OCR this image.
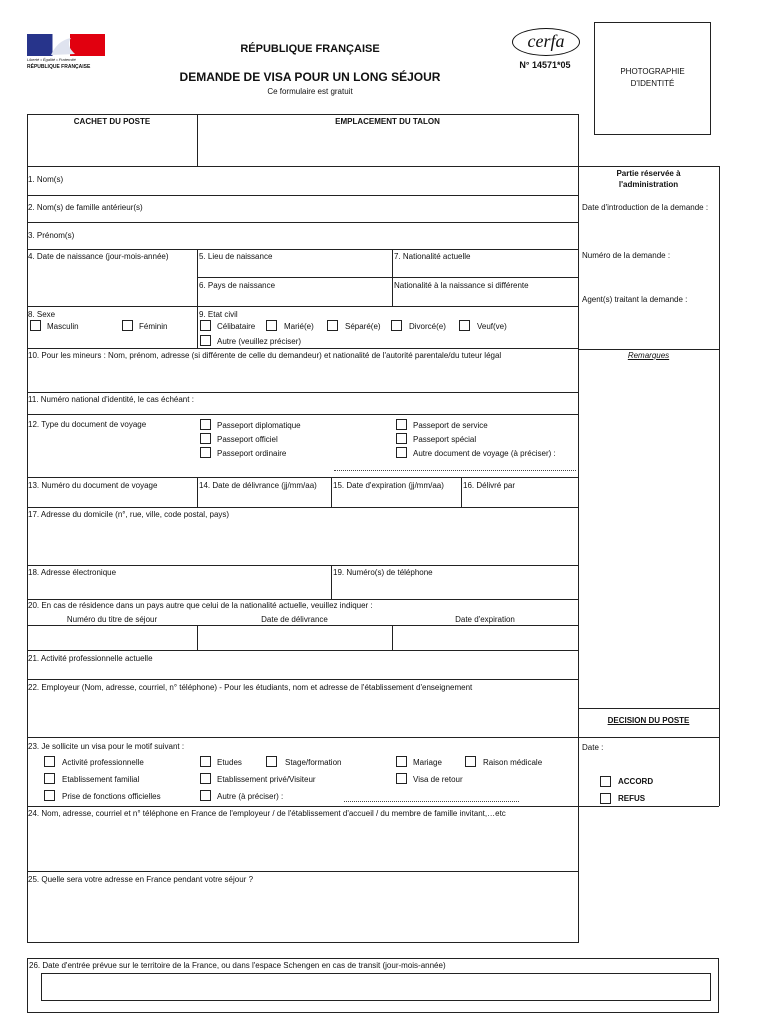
Liberté • Égalité • Fraternité
RÉPUBLIQUE FRANÇAISE
RÉPUBLIQUE FRANÇAISE
DEMANDE DE VISA POUR UN LONG SÉJOUR
Ce formulaire est gratuit
cerfa
N° 14571*05
PHOTOGRAPHIE
D'IDENTITÉ
CACHET DU POSTE	EMPLACEMENT DU TALON
Partie réservée à
l'administration
Date d'introduction de la demande :
Numéro de la demande :
Agent(s) traitant la demande :
Remarques
DECISION DU POSTE
Date :
ACCORD
REFUS
1. Nom(s)
2. Nom(s) de famille antérieur(s)
3. Prénom(s)
4. Date de naissance (jour-mois-année)	5. Lieu de naissance	7. Nationalité actuelle
6. Pays de naissance	Nationalité à la naissance si différente
8. Sexe
Masculin	Féminin
9. Etat civil
Célibataire	Marié(e)	Séparé(e)	Divorcé(e)	Veuf(ve)
Autre (veuillez préciser)
10. Pour les mineurs : Nom, prénom, adresse (si différente de celle du demandeur) et nationalité de l'autorité parentale/du tuteur légal
11. Numéro national d'identité, le cas échéant :
12. Type du document de voyage	Passeport diplomatique
Passeport officiel
Passeport ordinaire
Passeport de service
Passeport spécial
Autre document de voyage (à préciser) :
13. Numéro du document de voyage	14. Date de délivrance (jj/mm/aa) 15. Date d'expiration (jj/mm/aa) 16. Délivré par
17. Adresse du domicile (n°, rue, ville, code postal, pays)
18. Adresse électronique	19. Numéro(s) de téléphone
20. En cas de résidence dans un pays autre que celui de la nationalité actuelle, veuillez indiquer :
Numéro du titre de séjour	Date de délivrance	Date d'expiration
21. Activité professionnelle actuelle
22. Employeur (Nom, adresse, courriel, n° téléphone) - Pour les étudiants, nom et adresse de l'établissement d'enseignement
23. Je sollicite un visa pour le motif suivant :
Activité professionnelle
Etablissement familial
Prise de fonctions officielles
Etudes	Stage/formation
Etablissement privé/Visiteur
Autre (à préciser) :
Mariage	Raison médicale
Visa de retour
24. Nom, adresse, courriel et n° téléphone en France de l'employeur / de l'établissement d'accueil / du membre de famille invitant,…etc
25. Quelle sera votre adresse en France pendant votre séjour ?
26. Date d'entrée prévue sur le territoire de la France, ou dans l'espace Schengen en cas de transit (jour-mois-année)
